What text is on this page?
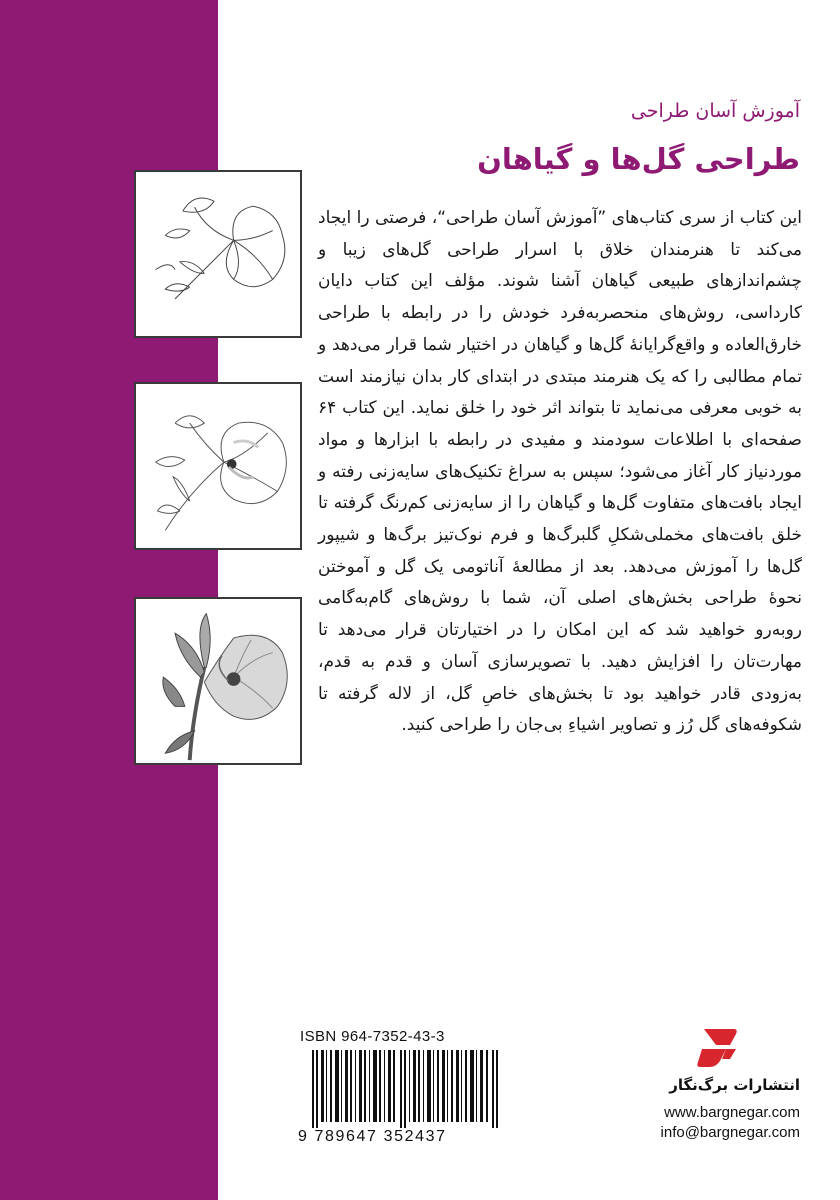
آموزش آسان طراحی
طراحی گل‌ها و گیاهان
این کتاب از سری کتاب‌های ”آموزش آسان طراحی“، فرصتی را ایجاد می‌کند تا هنرمندان خلاق با اسرار طراحی گل‌های زیبا و چشم‌اندازهای طبیعی گیاهان آشنا شوند. مؤلف این کتاب دایان کارداسی، روش‌های منحصربه‌فرد خودش را در رابطه با طراحی خارق‌العاده و واقع‌گرایانهٔ گل‌ها و گیاهان در اختیار شما قرار می‌دهد و تمام مطالبی را که یک هنرمند مبتدی در ابتدای کار بدان نیازمند است به خوبی معرفی می‌نماید تا بتواند اثر خود را خلق نماید. این کتاب ۶۴ صفحه‌ای با اطلاعات سودمند و مفیدی در رابطه با ابزارها و مواد موردنیاز کار آغاز می‌شود؛ سپس به سراغ تکنیک‌های سایه‌زنی رفته و ایجاد بافت‌های متفاوت گل‌ها و گیاهان را از سایه‌زنی کم‌رنگ گرفته تا خلق بافت‌های مخملی‌شکلِ گلبرگ‌ها و فرم نوک‌تیز برگ‌ها و شیپور گل‌ها را آموزش می‌دهد. بعد از مطالعهٔ آناتومی یک گل و آموختن نحوهٔ طراحی بخش‌های اصلی آن، شما با روش‌های گام‌به‌گامی روبه‌رو خواهید شد که این امکان را در اختیارتان قرار می‌دهد تا مهارت‌تان را افزایش دهید. با تصویرسازی آسان و قدم به قدم، به‌زودی قادر خواهید بود تا بخش‌های خاصِ گل، از لاله گرفته تا شکوفه‌های گل رُز و تصاویر اشیاءِ بی‌جان را طراحی کنید.
ISBN 964-7352-43-3
9 789647 352437
انتشارات برگ‌نگار
www.bargnegar.com
info@bargnegar.com
